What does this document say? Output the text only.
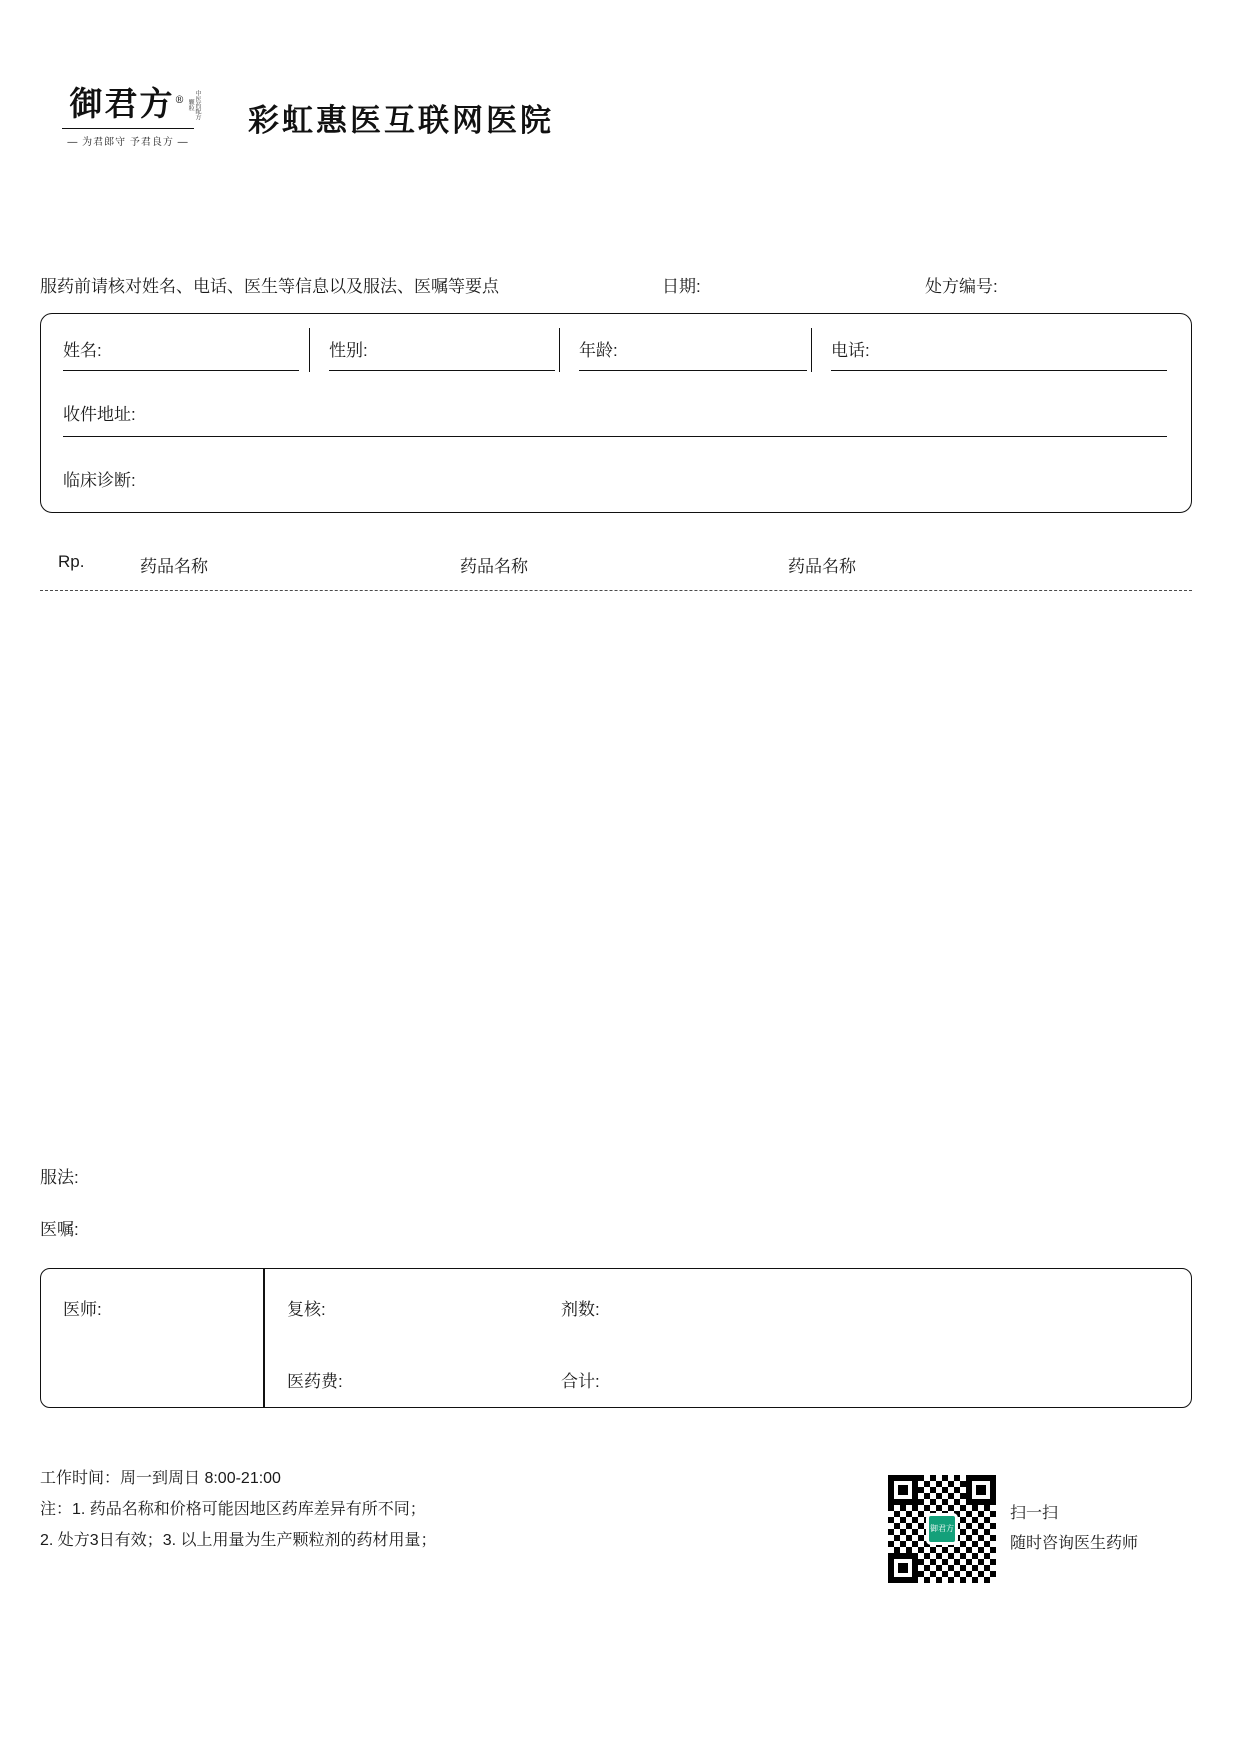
御君方®	中医药配方颗粒
— 为君郎守 予君良方 —
彩虹惠医互联网医院
服药前请核对姓名、电话、医生等信息以及服法、医嘱等要点	日期:	处方编号:
姓名:	性别:	年龄:	电话:
收件地址:
临床诊断:
Rp.	药品名称	药品名称	药品名称
服法:
医嘱:
医师:	复核:	剂数:
医药费:	合计:
工作时间：周一到周日 8:00-21:00
注：1. 药品名称和价格可能因地区药库差异有所不同；
2. 处方3日有效；3. 以上用量为生产颗粒剂的药材用量；
御君方
扫一扫
随时咨询医生药师
